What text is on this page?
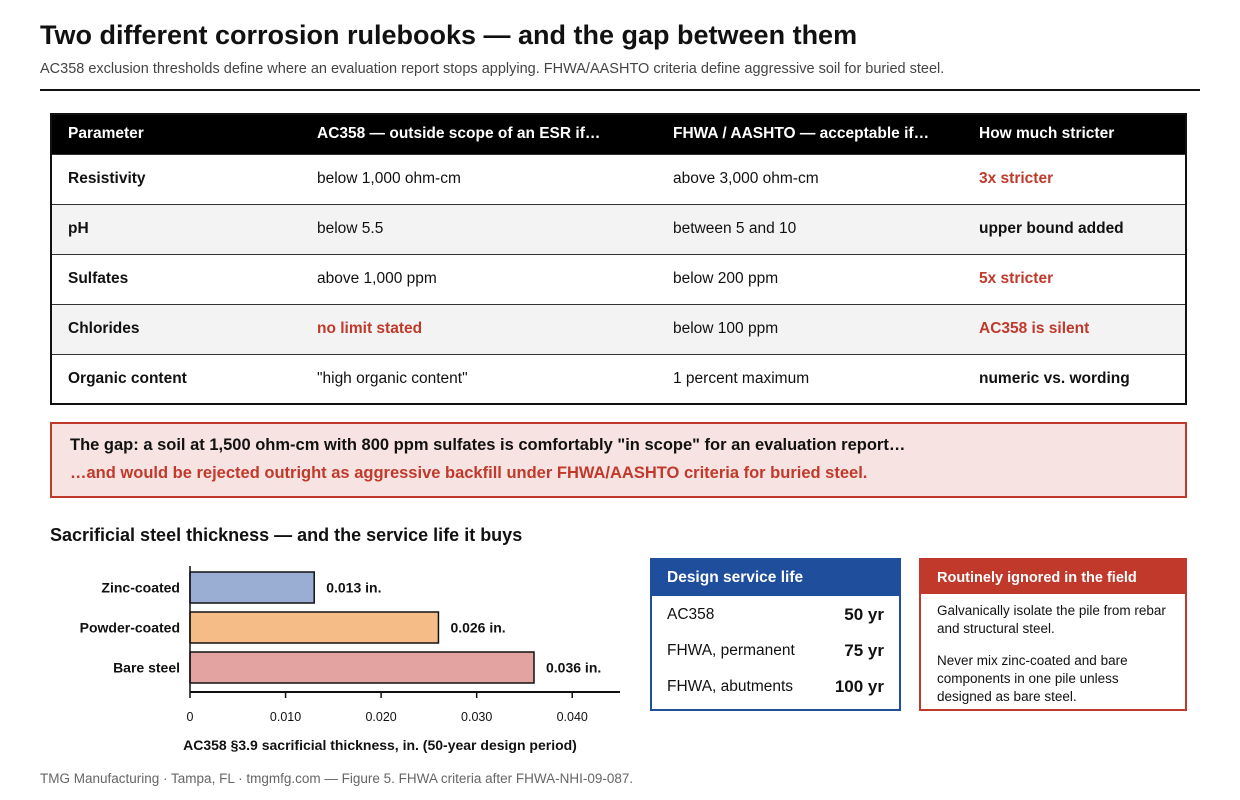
Two different corrosion rulebooks — and the gap between them
AC358 exclusion thresholds define where an evaluation report stops applying. FHWA/AASHTO criteria define aggressive soil for buried steel.
Parameter	AC358 — outside scope of an ESR if…	FHWA / AASHTO — acceptable if…	How much stricter
Resistivity	below 1,000 ohm-cm	above 3,000 ohm-cm	3x stricter
pH	below 5.5	between 5 and 10	upper bound added
Sulfates	above 1,000 ppm	below 200 ppm	5x stricter
Chlorides	no limit stated	below 100 ppm	AC358 is silent
Organic content	"high organic content"	1 percent maximum	numeric vs. wording
The gap: a soil at 1,500 ohm-cm with 800 ppm sulfates is comfortably "in scope" for an evaluation report…
…and would be rejected outright as aggressive backfill under FHWA/AASHTO criteria for buried steel.
Sacrificial steel thickness — and the service life it buys
Zinc-coated	0.013 in.
Powder-coated	0.026 in.
Bare steel	0.036 in.
0	0.010	0.020	0.030	0.040
AC358 §3.9 sacrificial thickness, in. (50-year design period)
Design service life
AC358	50 yr
FHWA, permanent	75 yr
FHWA, abutments 100 yr
Routinely ignored in the field
Galvanically isolate the pile from rebar and structural steel.
Never mix zinc-coated and bare components in one pile unless designed as bare steel.
TMG Manufacturing · Tampa, FL · tmgmfg.com — Figure 5. FHWA criteria after FHWA-NHI-09-087.
